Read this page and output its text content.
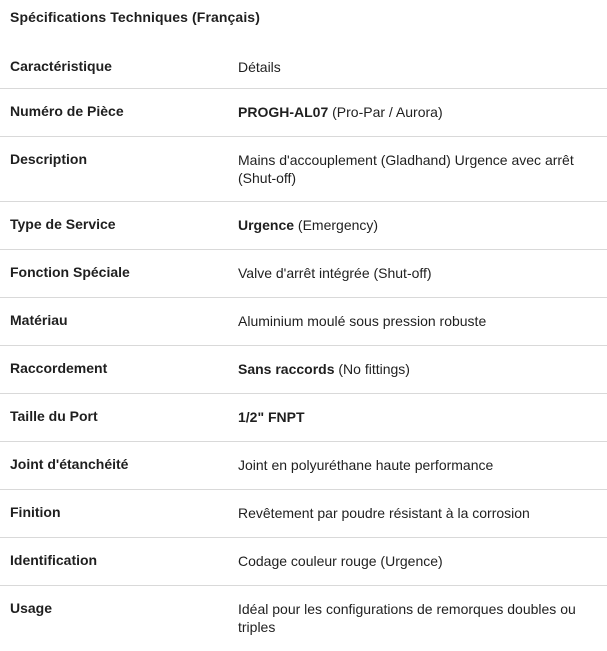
Spécifications Techniques (Français)
Caractéristique	Détails
Numéro de Pièce	PROGH-AL07 (Pro-Par / Aurora)
Description	Mains d'accouplement (Gladhand) Urgence avec arrêt (Shut-off)
Type de Service	Urgence (Emergency)
Fonction Spéciale	Valve d'arrêt intégrée (Shut-off)
Matériau	Aluminium moulé sous pression robuste
Raccordement	Sans raccords (No fittings)
Taille du Port	1/2" FNPT
Joint d'étanchéité	Joint en polyuréthane haute performance
Finition	Revêtement par poudre résistant à la corrosion
Identification	Codage couleur rouge (Urgence)
Usage	Idéal pour les configurations de remorques doubles ou triples
